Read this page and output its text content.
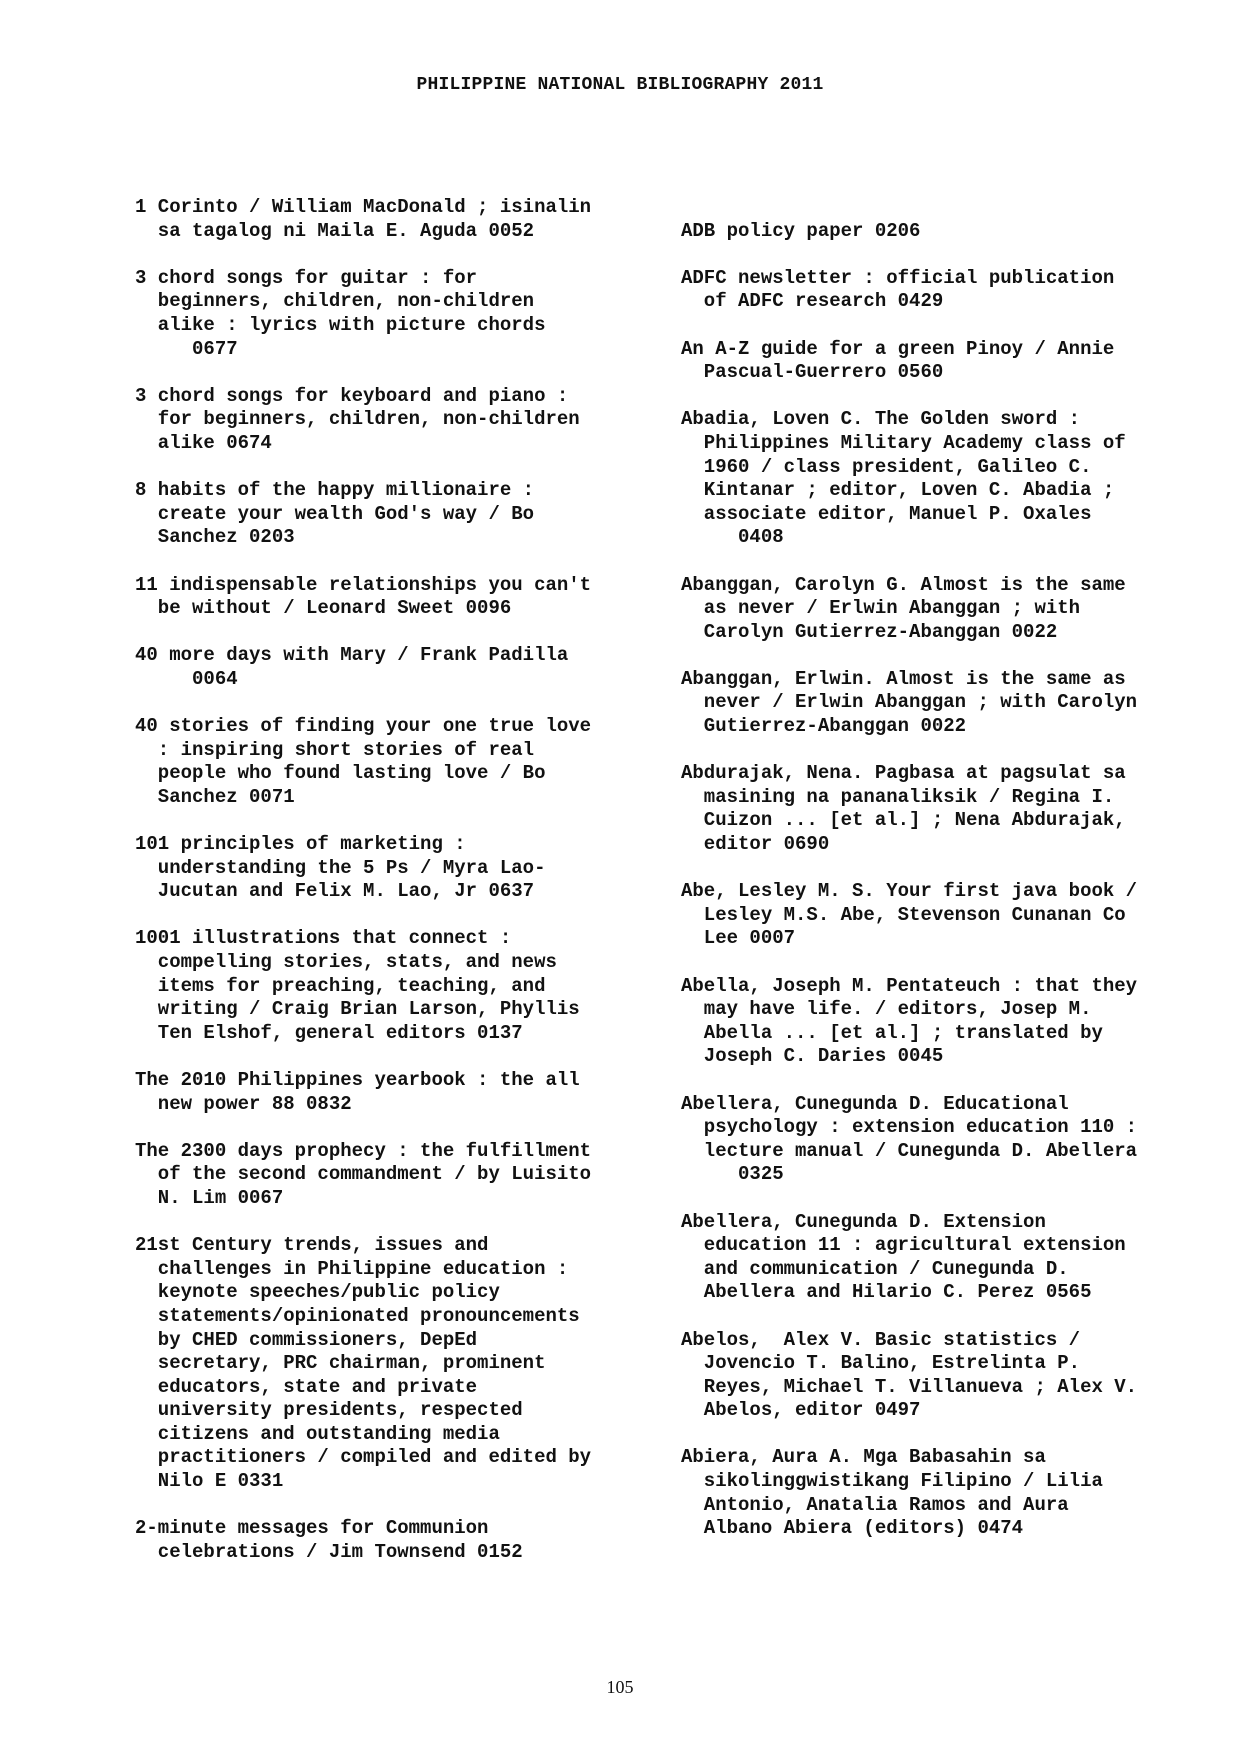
PHILIPPINE NATIONAL BIBLIOGRAPHY 2011
1 Corinto / William MacDonald ; isinalin
sa tagalog ni Maila E. Aguda 0052
3 chord songs for guitar : for
beginners, children, non-children
alike : lyrics with picture chords
0677
3 chord songs for keyboard and piano :
for beginners, children, non-children
alike 0674
8 habits of the happy millionaire :
create your wealth God's way / Bo
Sanchez 0203
11 indispensable relationships you can't
be without / Leonard Sweet 0096
40 more days with Mary / Frank Padilla
0064
40 stories of finding your one true love
: inspiring short stories of real
people who found lasting love / Bo
Sanchez 0071
101 principles of marketing :
understanding the 5 Ps / Myra Lao-
Jucutan and Felix M. Lao, Jr 0637
1001 illustrations that connect :
compelling stories, stats, and news
items for preaching, teaching, and
writing / Craig Brian Larson, Phyllis
Ten Elshof, general editors 0137
The 2010 Philippines yearbook : the all
new power 88 0832
The 2300 days prophecy : the fulfillment
of the second commandment / by Luisito
N. Lim 0067
21st Century trends, issues and
challenges in Philippine education :
keynote speeches/public policy
statements/opinionated pronouncements
by CHED commissioners, DepEd
secretary, PRC chairman, prominent
educators, state and private
university presidents, respected
citizens and outstanding media
practitioners / compiled and edited by
Nilo E 0331
2-minute messages for Communion
celebrations / Jim Townsend 0152
ADB policy paper 0206
ADFC newsletter : official publication
of ADFC research 0429
An A-Z guide for a green Pinoy / Annie
Pascual-Guerrero 0560
Abadia, Loven C. The Golden sword :
Philippines Military Academy class of
1960 / class president, Galileo C.
Kintanar ; editor, Loven C. Abadia ;
associate editor, Manuel P. Oxales
0408
Abanggan, Carolyn G. Almost is the same
as never / Erlwin Abanggan ; with
Carolyn Gutierrez-Abanggan 0022
Abanggan, Erlwin. Almost is the same as
never / Erlwin Abanggan ; with Carolyn
Gutierrez-Abanggan 0022
Abdurajak, Nena. Pagbasa at pagsulat sa
masining na pananaliksik / Regina I.
Cuizon ... [et al.] ; Nena Abdurajak,
editor 0690
Abe, Lesley M. S. Your first java book /
Lesley M.S. Abe, Stevenson Cunanan Co
Lee 0007
Abella, Joseph M. Pentateuch : that they
may have life. / editors, Josep M.
Abella ... [et al.] ; translated by
Joseph C. Daries 0045
Abellera, Cunegunda D. Educational
psychology : extension education 110 :
lecture manual / Cunegunda D. Abellera
0325
Abellera, Cunegunda D. Extension
education 11 : agricultural extension
and communication / Cunegunda D.
Abellera and Hilario C. Perez 0565
Abelos,  Alex V. Basic statistics /
Jovencio T. Balino, Estrelinta P.
Reyes, Michael T. Villanueva ; Alex V.
Abelos, editor 0497
Abiera, Aura A. Mga Babasahin sa
sikolinggwistikang Filipino / Lilia
Antonio, Anatalia Ramos and Aura
Albano Abiera (editors) 0474
105
